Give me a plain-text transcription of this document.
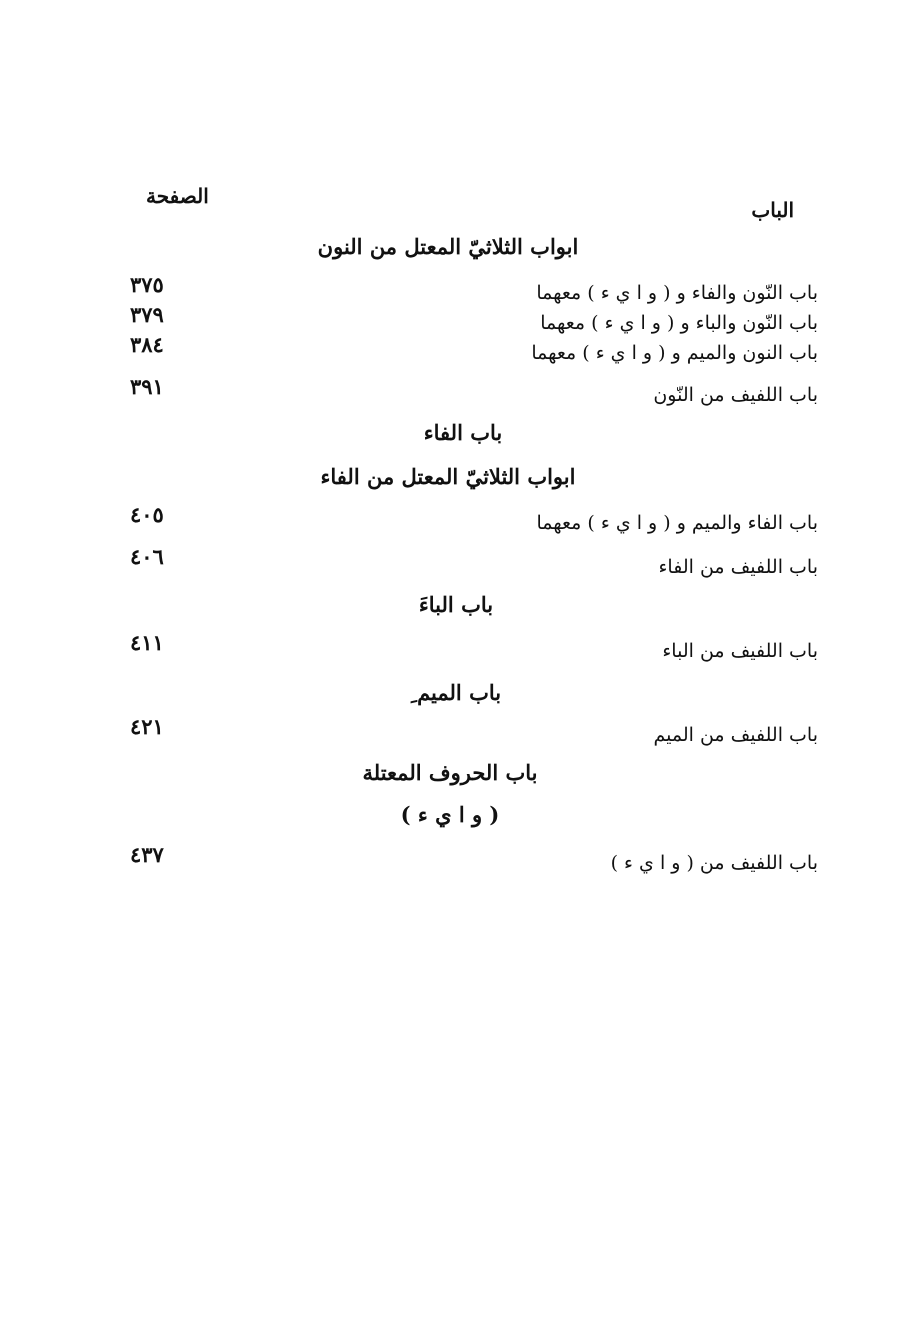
الباب
الصفحة
ابواب الثلاثيّ المعتل من النون
باب النّون والفاء و ( و ا ي ء ) معهما
٣٧٥
باب النّون والباء و ( و ا ي ء ) معهما
٣٧٩
باب النون والميم و ( و ا ي ء ) معهما
٣٨٤
باب اللفيف من النّون
٣٩١
باب الفاء
ابواب الثلاثيّ المعتل من الفاء
باب الفاء والميم و ( و ا ي ء ) معهما
٤٠٥
باب اللفيف من الفاء
٤٠٦
باب الباءَ
باب اللفيف من الباء
٤١١
باب الميم ِ
باب اللفيف من الميم
٤٢١
باب الحروف المعتلة
( و ا ي ء )
باب اللفيف من ( و ا ي ء )
٤٣٧
